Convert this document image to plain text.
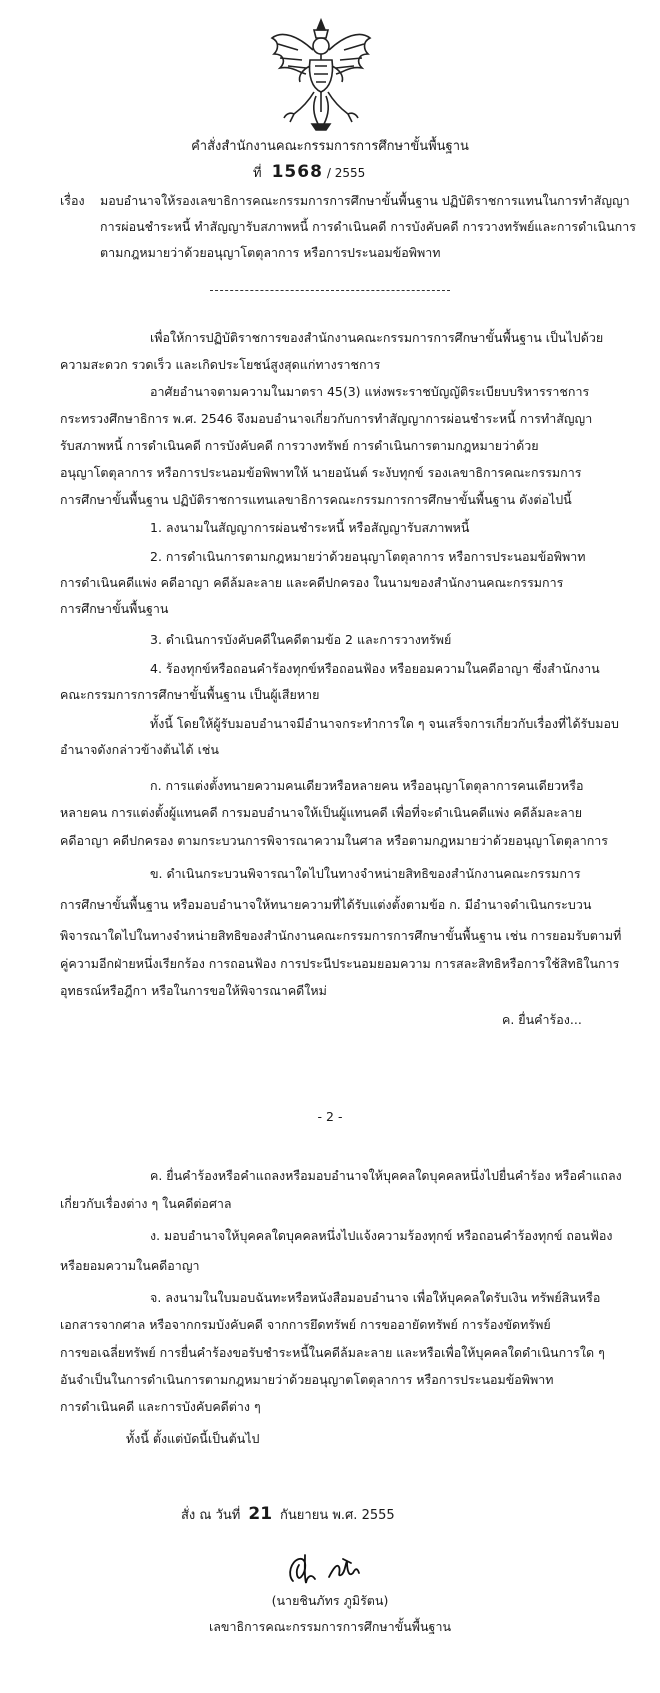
คำสั่งสำนักงานคณะกรรมการการศึกษาขั้นพื้นฐาน
ที่ 1568 / 2555
เรื่อง มอบอำนาจให้รองเลขาธิการคณะกรรมการการศึกษาขั้นพื้นฐาน ปฏิบัติราชการแทนในการทำสัญญา
การผ่อนชำระหนี้ ทำสัญญารับสภาพหนี้ การดำเนินคดี การบังคับคดี การวางทรัพย์และการดำเนินการ
ตามกฎหมายว่าด้วยอนุญาโตตุลาการ หรือการประนอมข้อพิพาท
เพื่อให้การปฏิบัติราชการของสำนักงานคณะกรรมการการศึกษาขั้นพื้นฐาน เป็นไปด้วย
ความสะดวก รวดเร็ว และเกิดประโยชน์สูงสุดแก่ทางราชการ
อาศัยอำนาจตามความในมาตรา 45(3) แห่งพระราชบัญญัติระเบียบบริหารราชการ
กระทรวงศึกษาธิการ พ.ศ. 2546 จึงมอบอำนาจเกี่ยวกับการทำสัญญาการผ่อนชำระหนี้ การทำสัญญา
รับสภาพหนี้ การดำเนินคดี การบังคับคดี การวางทรัพย์ การดำเนินการตามกฎหมายว่าด้วย
อนุญาโตตุลาการ หรือการประนอมข้อพิพาทให้ นายอนันต์ ระงับทุกข์ รองเลขาธิการคณะกรรมการ
การศึกษาขั้นพื้นฐาน ปฏิบัติราชการแทนเลขาธิการคณะกรรมการการศึกษาขั้นพื้นฐาน ดังต่อไปนี้
1. ลงนามในสัญญาการผ่อนชำระหนี้ หรือสัญญารับสภาพหนี้
2. การดำเนินการตามกฎหมายว่าด้วยอนุญาโตตุลาการ หรือการประนอมข้อพิพาท
การดำเนินคดีแพ่ง คดีอาญา คดีล้มละลาย และคดีปกครอง ในนามของสำนักงานคณะกรรมการ
การศึกษาขั้นพื้นฐาน
3. ดำเนินการบังคับคดีในคดีตามข้อ 2 และการวางทรัพย์
4. ร้องทุกข์หรือถอนคำร้องทุกข์หรือถอนฟ้อง หรือยอมความในคดีอาญา ซึ่งสำนักงาน
คณะกรรมการการศึกษาขั้นพื้นฐาน เป็นผู้เสียหาย
ทั้งนี้ โดยให้ผู้รับมอบอำนาจมีอำนาจกระทำการใด ๆ จนเสร็จการเกี่ยวกับเรื่องที่ได้รับมอบ
อำนาจดังกล่าวข้างต้นได้ เช่น
ก. การแต่งตั้งทนายความคนเดียวหรือหลายคน หรืออนุญาโตตุลาการคนเดียวหรือ
หลายคน การแต่งตั้งผู้แทนคดี การมอบอำนาจให้เป็นผู้แทนคดี เพื่อที่จะดำเนินคดีแพ่ง คดีล้มละลาย
คดีอาญา คดีปกครอง ตามกระบวนการพิจารณาความในศาล หรือตามกฎหมายว่าด้วยอนุญาโตตุลาการ
ข. ดำเนินกระบวนพิจารณาใดไปในทางจำหน่ายสิทธิของสำนักงานคณะกรรมการ
การศึกษาขั้นพื้นฐาน หรือมอบอำนาจให้ทนายความที่ได้รับแต่งตั้งตามข้อ ก. มีอำนาจดำเนินกระบวน
พิจารณาใดไปในทางจำหน่ายสิทธิของสำนักงานคณะกรรมการการศึกษาขั้นพื้นฐาน เช่น การยอมรับตามที่
คู่ความอีกฝ่ายหนึ่งเรียกร้อง การถอนฟ้อง การประนีประนอมยอมความ การสละสิทธิหรือการใช้สิทธิในการ
อุทธรณ์หรือฎีกา หรือในการขอให้พิจารณาคดีใหม่
ค. ยื่นคำร้อง...
- 2 -
ค. ยื่นคำร้องหรือคำแถลงหรือมอบอำนาจให้บุคคลใดบุคคลหนึ่งไปยื่นคำร้อง หรือคำแถลง
เกี่ยวกับเรื่องต่าง ๆ ในคดีต่อศาล
ง. มอบอำนาจให้บุคคลใดบุคคลหนึ่งไปแจ้งความร้องทุกข์ หรือถอนคำร้องทุกข์ ถอนฟ้อง
หรือยอมความในคดีอาญา
จ. ลงนามในใบมอบฉันทะหรือหนังสือมอบอำนาจ เพื่อให้บุคคลใดรับเงิน ทรัพย์สินหรือ
เอกสารจากศาล หรือจากกรมบังคับคดี จากการยึดทรัพย์ การขออายัดทรัพย์ การร้องขัดทรัพย์
การขอเฉลี่ยทรัพย์ การยื่นคำร้องขอรับชำระหนี้ในคดีล้มละลาย และหรือเพื่อให้บุคคลใดดำเนินการใด ๆ
อันจำเป็นในการดำเนินการตามกฎหมายว่าด้วยอนุญาตโตตุลาการ หรือการประนอมข้อพิพาท
การดำเนินคดี และการบังคับคดีต่าง ๆ
ทั้งนี้ ตั้งแต่บัดนี้เป็นต้นไป
สั่ง ณ วันที่ 21 กันยายน พ.ศ. 2555
(นายชินภัทร ภูมิรัตน)
เลขาธิการคณะกรรมการการศึกษาขั้นพื้นฐาน
